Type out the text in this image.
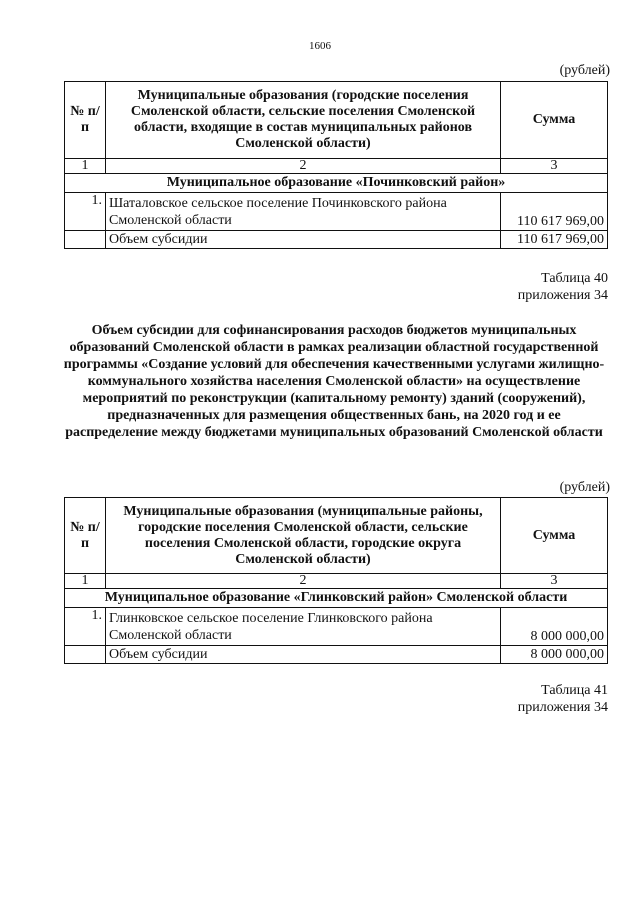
1606
(рублей)
№ п/п	Муниципальные образования (городские поселения Смоленской области, сельские поселения Смоленской области, входящие в состав муниципальных районов Смоленской области)	Сумма
1	2	3
Муниципальное образование «Починковский район»		
1.	Шаталовское сельское поселение Починковского района Смоленской области	110 617 969,00
	Объем субсидии	110 617 969,00
Таблица 40
приложения 34
Объем субсидии для софинансирования расходов бюджетов муниципальных образований Смоленской области в рамках реализации областной государственной программы «Создание условий для обеспечения качественными услугами жилищно-коммунального хозяйства населения Смоленской области» на осуществление мероприятий по реконструкции (капитальному ремонту) зданий (сооружений), предназначенных для размещения общественных бань, на 2020 год и ее распределение между бюджетами муниципальных образований Смоленской области
(рублей)
№ п/п	Муниципальные образования (муниципальные районы, городские поселения Смоленской области, сельские поселения Смоленской области, городские округа Смоленской области)	Сумма
1	2	3
Муниципальное образование «Глинковский район» Смоленской области		
1.	Глинковское сельское поселение Глинковского района Смоленской области	8 000 000,00
	Объем субсидии	8 000 000,00
Таблица 41
приложения 34
